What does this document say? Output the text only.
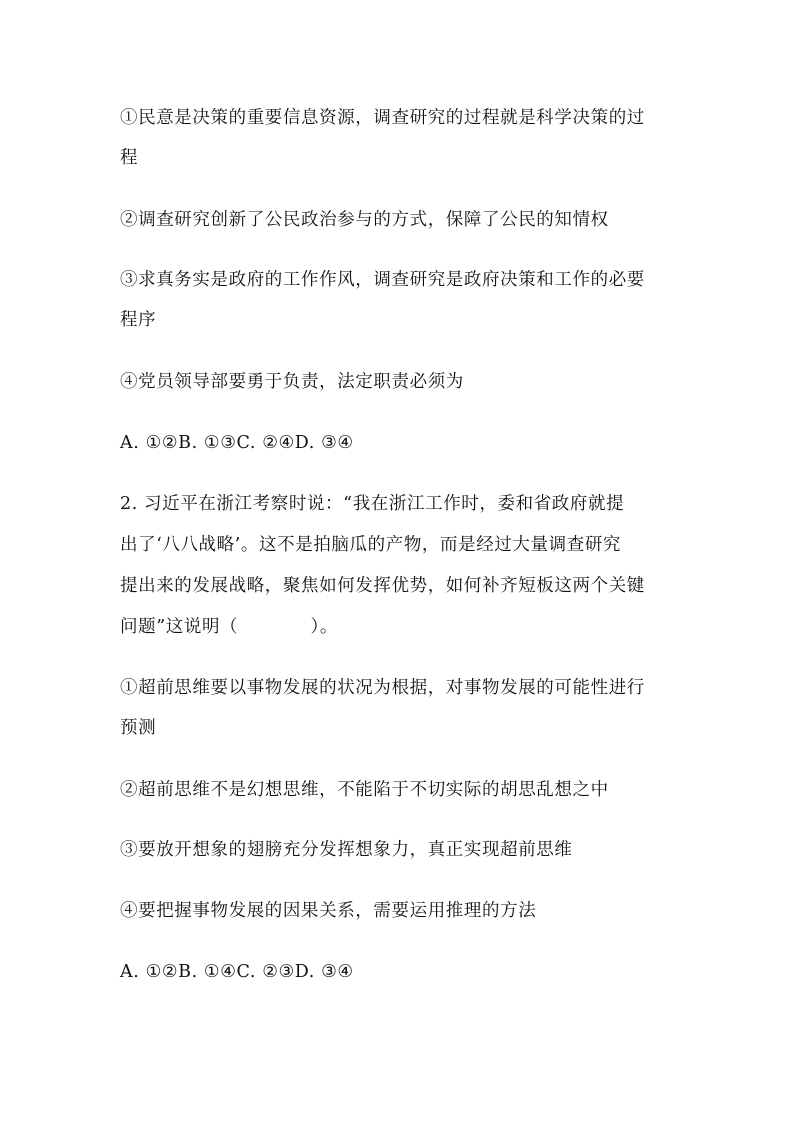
①民意是决策的重要信息资源，调查研究的过程就是科学决策的过
程
②调查研究创新了公民政治参与的方式，保障了公民的知情权
③求真务实是政府的工作作风，调查研究是政府决策和工作的必要
程序
④党员领导部要勇于负责，法定职责必须为
A. ①②B. ①③C. ②④D. ③④
2. 习近平在浙江考察时说：“我在浙江工作时，委和省政府就提
出了‘八八战略’。这不是拍脑瓜的产物，而是经过大量调查研究
提出来的发展战略，聚焦如何发挥优势，如何补齐短板这两个关键
问题”这说明（　　　　）。
①超前思维要以事物发展的状况为根据，对事物发展的可能性进行
预测
②超前思维不是幻想思维，不能陷于不切实际的胡思乱想之中
③要放开想象的翅膀充分发挥想象力，真正实现超前思维
④要把握事物发展的因果关系，需要运用推理的方法
A. ①②B. ①④C. ②③D. ③④
